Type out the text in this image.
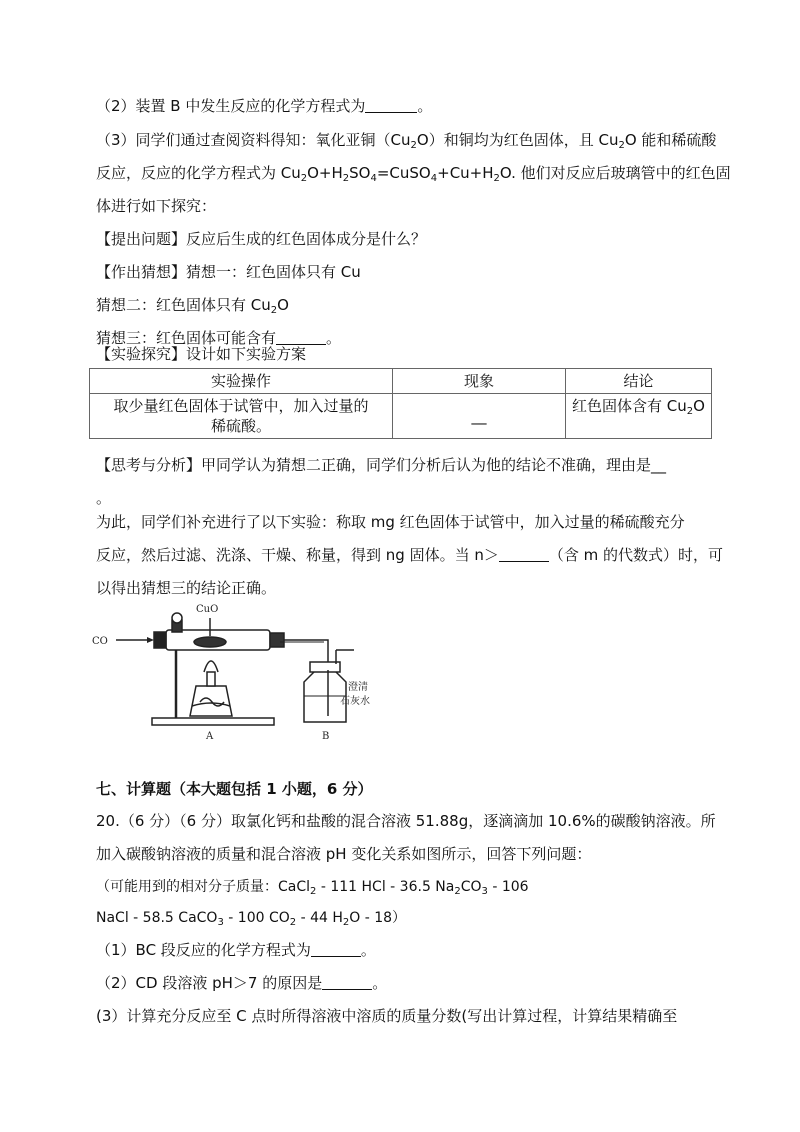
（2）装置 B 中发生反应的化学方程式为	。
（3）同学们通过查阅资料得知：氧化亚铜$(Cu_2O)$和铜均为红色固体，且 $Cu_2O$ 能和稀硫酸
反应，反应的化学方程式为 $Cu_2O+H_2SO_4=CuSO_4+Cu+H_2O$. 他们对反应后玻璃管中的红色固
体进行如下探究：
【提出问题】反应后生成的红色固体成分是什么？
【作出猜想】猜想一：红色固体只有 Cu
猜想二：红色固体只有 $Cu_2O$
猜想三：红色固体可能含有	。
【实验探究】设计如下实验方案
实验操作	现象	结论

取少量红色固体于试管中，加入过量的
稀硫酸。	__	红色固体含有 $Cu_2O$
【思考与分析】甲同学认为猜想二正确，同学们分析后认为他的结论不准确，理由是__
。
为此，同学们补充进行了以下实验：称取 mg 红色固体于试管中，加入过量的稀硫酸充分
反应，然后过滤、洗涤、干燥、称量，得到 ng 固体。当 n＞	（含 m 的代数式）时，可
以得出猜想三的结论正确。
CO
CuO
澄清
石灰水
A	B
七、计算题（本大题包括 1 小题，6 分）
20.（6 分）（6 分）取氯化钙和盐酸的混合溶液 51.88g，逐滴滴加 10.6%的碳酸钠溶液。所
加入碳酸钠溶液的质量和混合溶液 pH 变化关系如图所示，回答下列问题：
（可能用到的相对分子质量：CaCl$_2$ - 111 HCl - 36.5 $Na_2CO_3 - 106$
NaCl - 58.5 CaCO$_3$ - 100 $CO_2 - 44$ $H_2O - 18$）
（1）BC 段反应的化学方程式为	。
（2）CD 段溶液 pH＞7 的原因是	。
(3）计算充分反应至 C 点时所得溶液中溶质的质量分数(写出计算过程，计算结果精确至
